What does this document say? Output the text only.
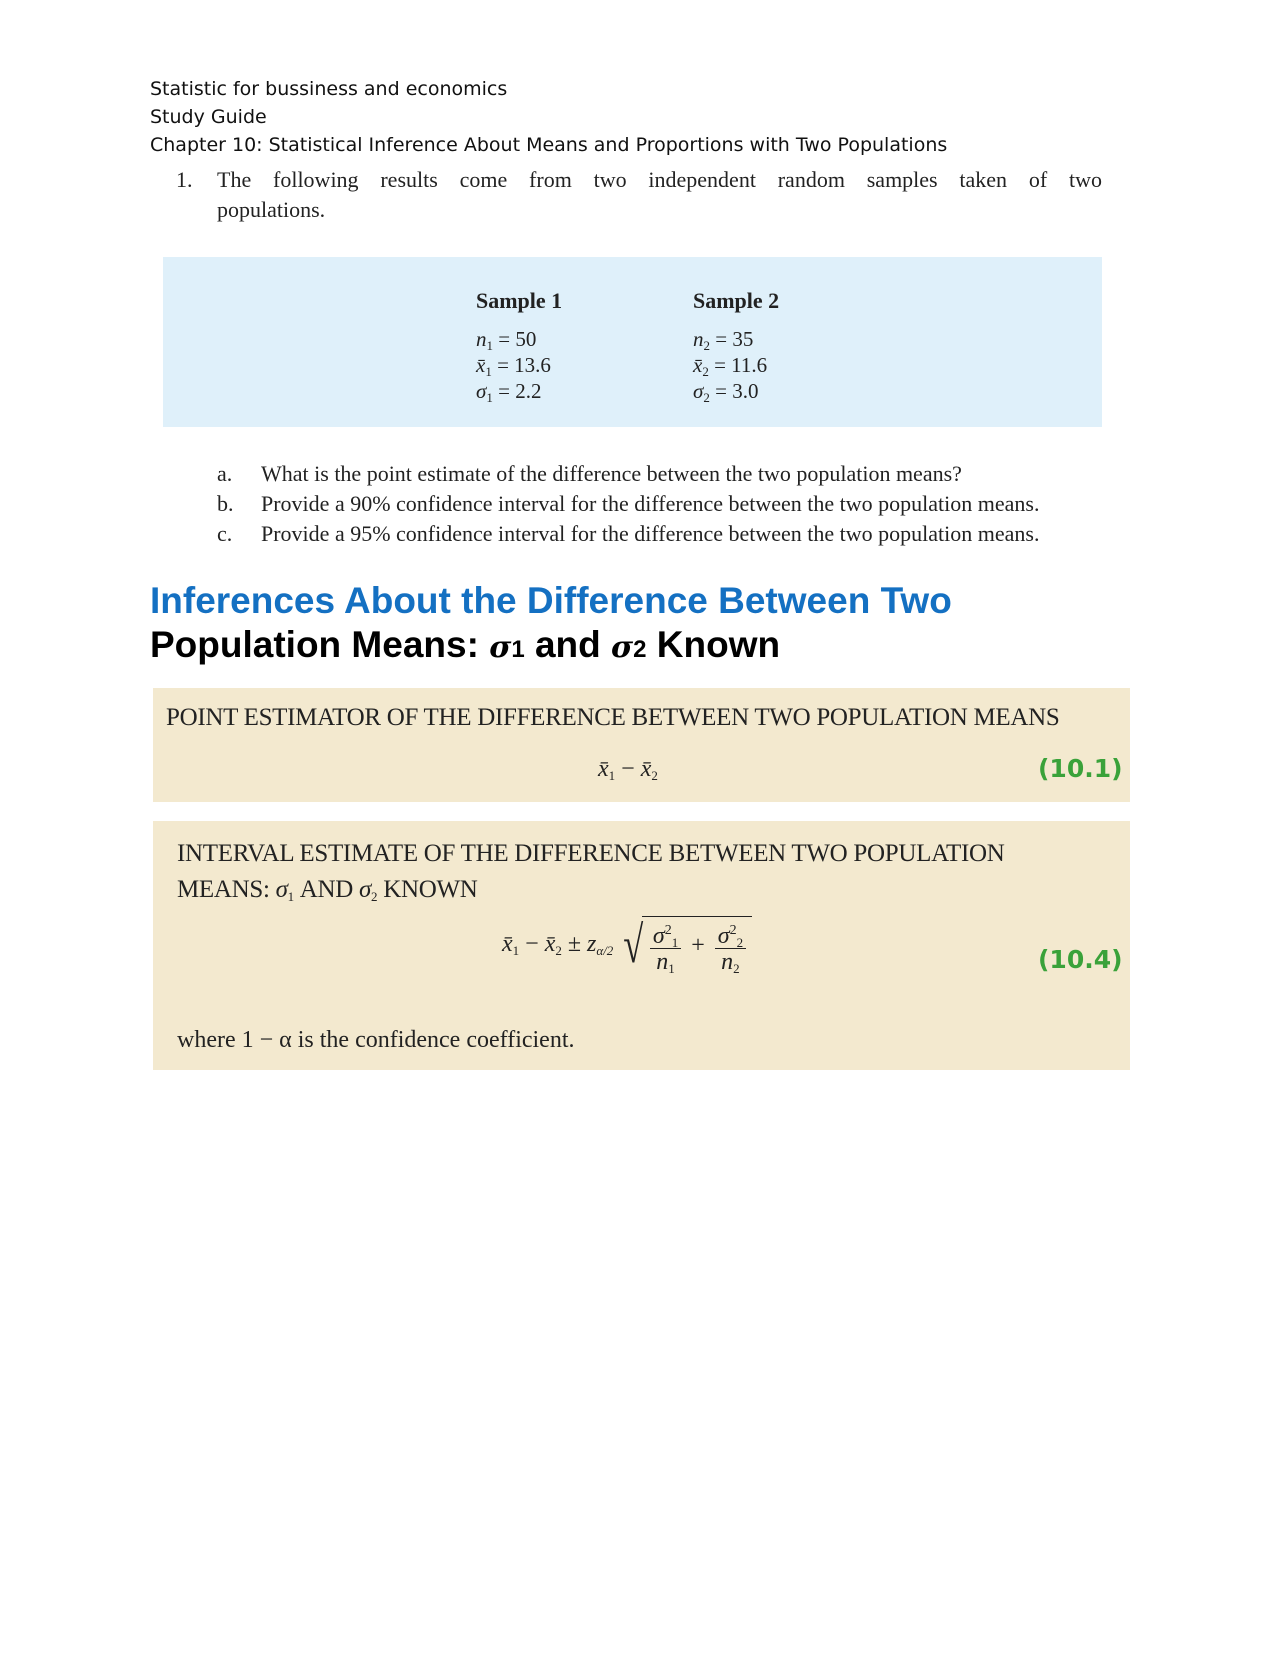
Statistic for bussiness and economics
Study Guide
Chapter 10: Statistical Inference About Means and Proportions with Two Populations
1. The following results come from two independent random samples taken of two
populations.
Sample 1
$n_1 = 50$
$x̄_1 = 13.6$
$\sigma_1 = 2.2$
Sample 2
$n_2 = 35$
$x̄_2 = 11.6$
$\sigma_2 = 3.0$
a. What is the point estimate of the difference between the two population means?
b. Provide a 90% confidence interval for the difference between the two population means.
c. Provide a 95% confidence interval for the difference between the two population means.
Inferences About the Difference Between Two
Population Means: σ1 and σ2 Known
POINT ESTIMATOR OF THE DIFFERENCE BETWEEN TWO POPULATION MEANS
$x̄_1$ − $x̄_2$	(10.1)
INTERVAL ESTIMATE OF THE DIFFERENCE BETWEEN TWO POPULATION
MEANS: $\sigma_1$ AND $\sigma_2$ KNOWN
$x̄_1$ − $x̄_2 \pm z_{\alpha/2}$ √ $\frac{\sigma^2_1}{n_1} + \frac{\sigma^2_2}{n_2}$	(10.4)
where 1 − α is the confidence coefficient.
